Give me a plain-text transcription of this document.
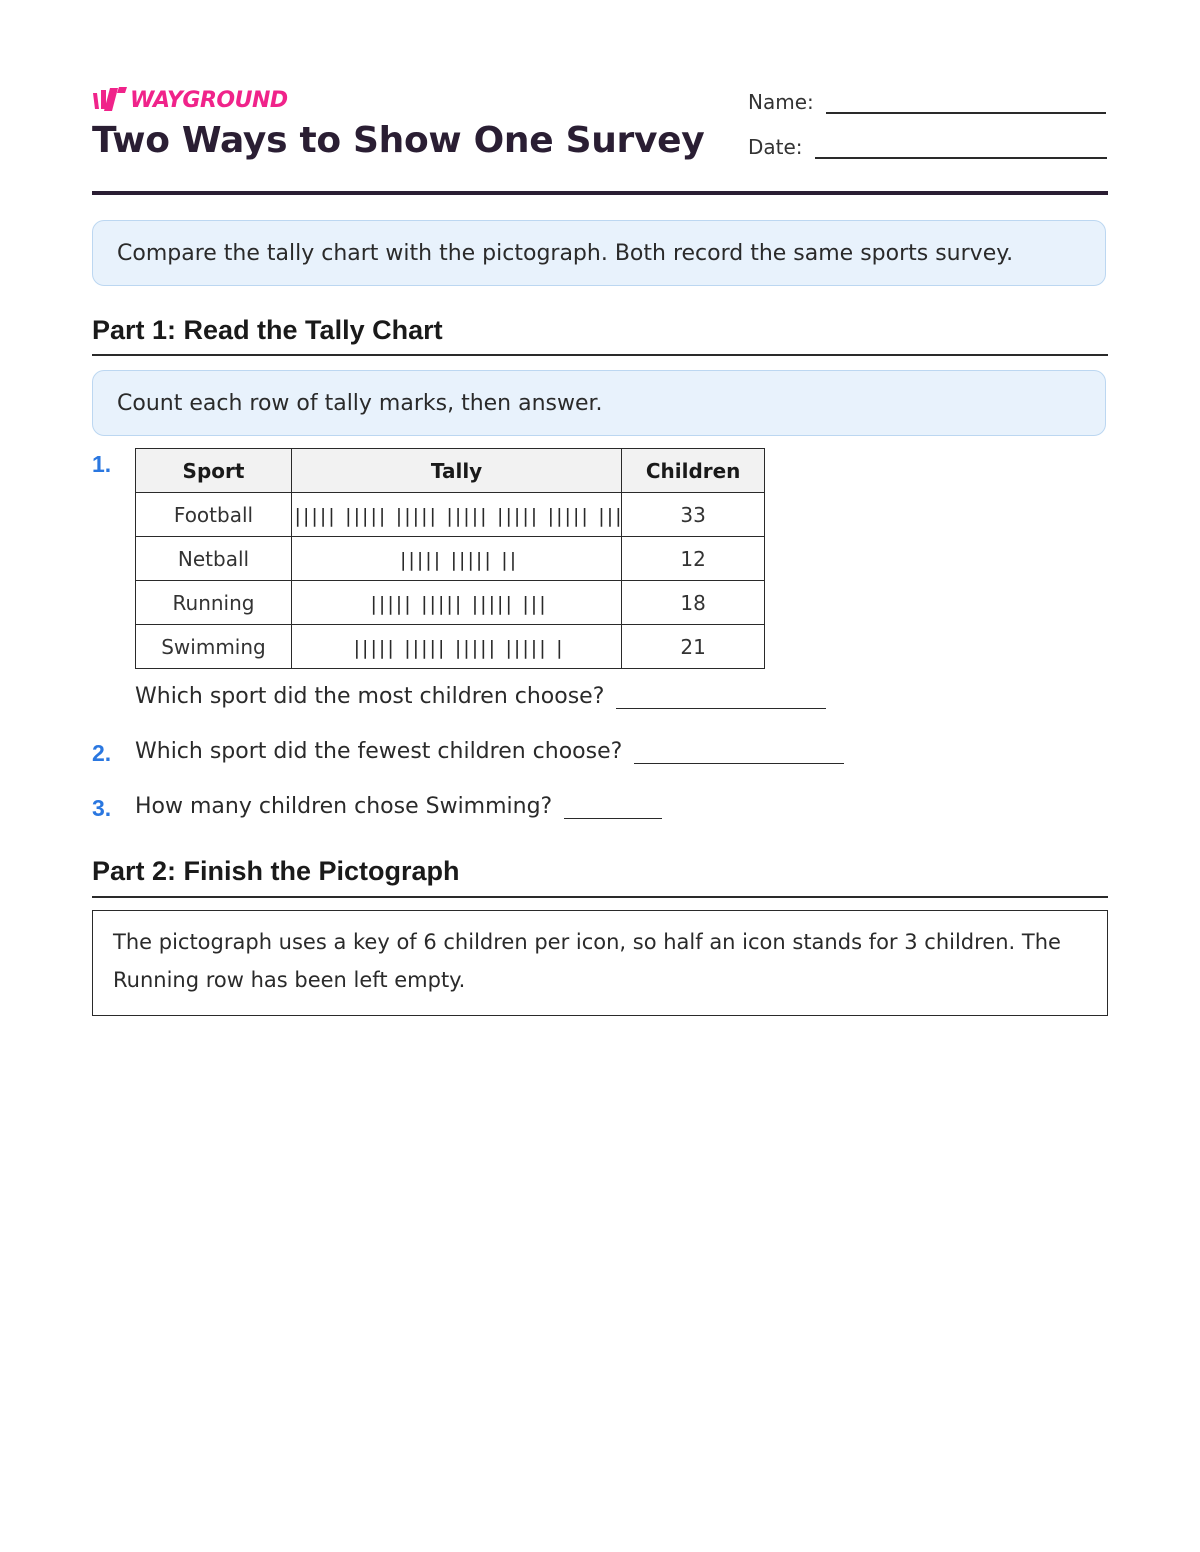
WAYGROUND
Two Ways to Show One Survey
Name:
Date:
Compare the tally chart with the pictograph. Both record the same sports survey.
Part 1: Read the Tally Chart
Count each row of tally marks, then answer.
1.	Sport	Tally	Children
Football	||||| ||||| ||||| ||||| ||||| ||||| |||	33
Netball	||||| ||||| ||	12
Running	||||| ||||| ||||| |||	18
Swimming	||||| ||||| ||||| ||||| |	21
Which sport did the most children choose?
2. Which sport did the fewest children choose?
3. How many children chose Swimming?
Part 2: Finish the Pictograph
The pictograph uses a key of 6 children per icon, so half an icon stands for 3 children. The Running row has been left empty.
